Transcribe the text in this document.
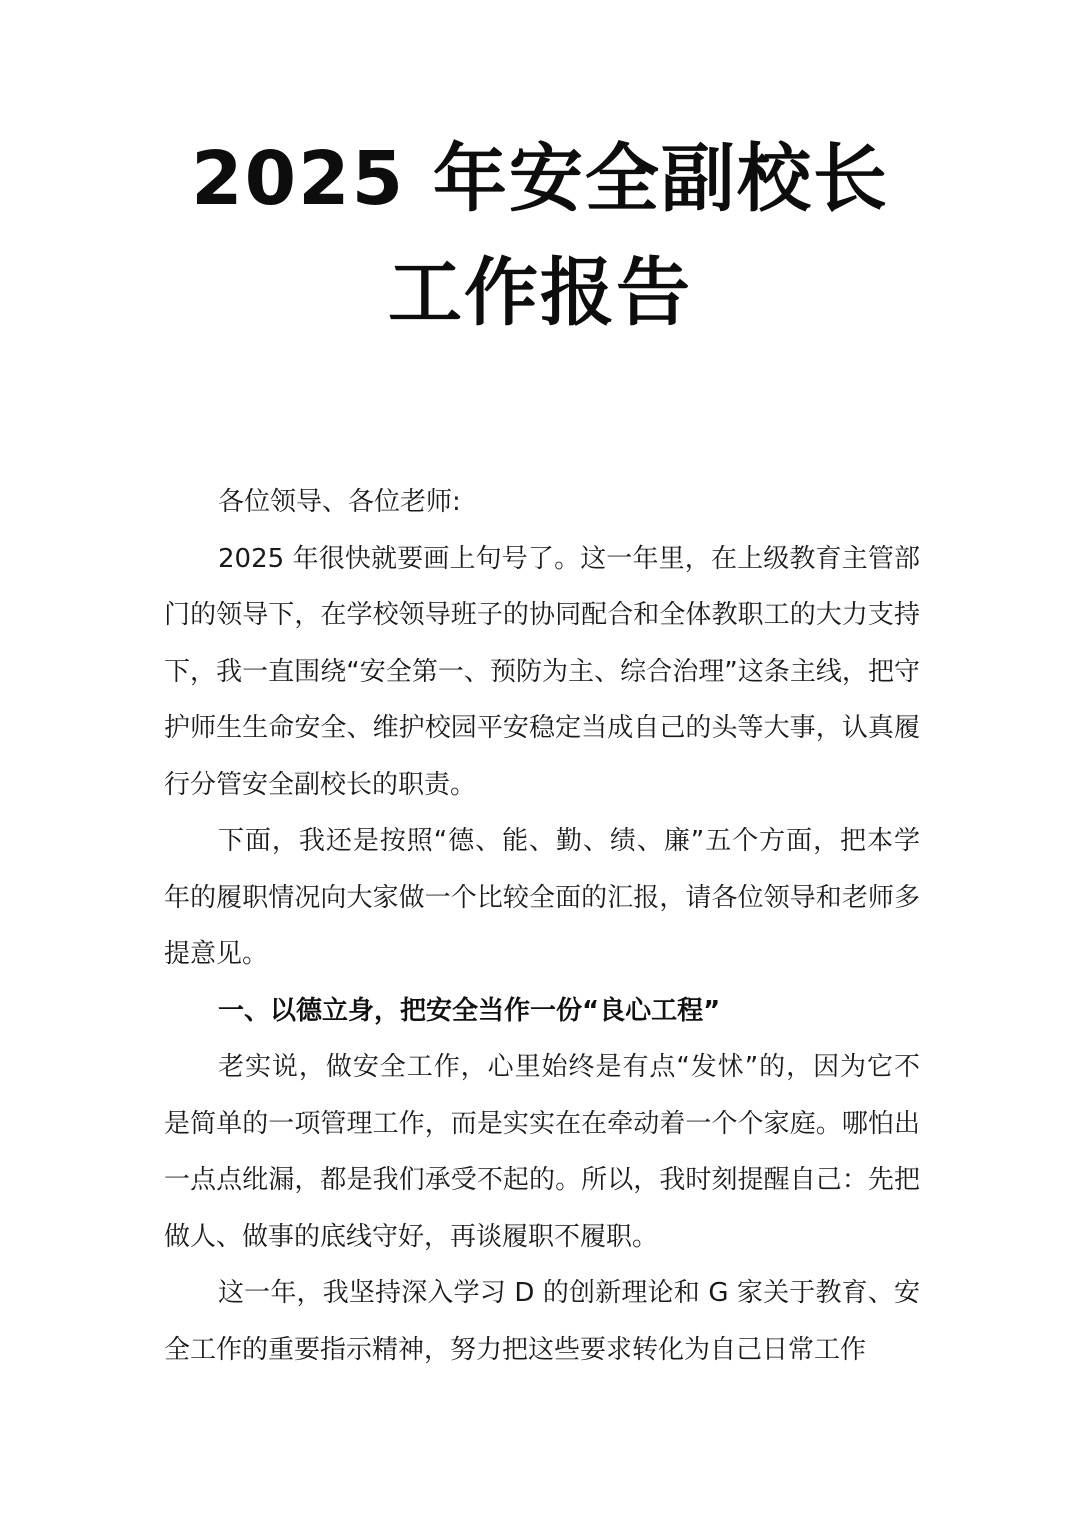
2025 年安全副校长
工作报告

各位领导、各位老师:

2025 年很快就要画上句号了。这一年里，在上级教育主管部门的领导下，在学校领导班子的协同配合和全体教职工的大力支持下，我一直围绕“安全第一、预防为主、综合治理”这条主线，把守护师生生命安全、维护校园平安稳定当成自己的头等大事，认真履行分管安全副校长的职责。

下面，我还是按照“德、能、勤、绩、廉”五个方面，把本学年的履职情况向大家做一个比较全面的汇报，请各位领导和老师多提意见。

一、以德立身，把安全当作一份“良心工程”

老实说，做安全工作，心里始终是有点“发怵”的，因为它不是简单的一项管理工作，而是实实在在牵动着一个个家庭。哪怕出一点点纰漏，都是我们承受不起的。所以，我时刻提醒自己：先把做人、做事的底线守好，再谈履职不履职。

这一年，我坚持深入学习 D 的创新理论和 G 家关于教育、安全工作的重要指示精神，努力把这些要求转化为自己日常工作
